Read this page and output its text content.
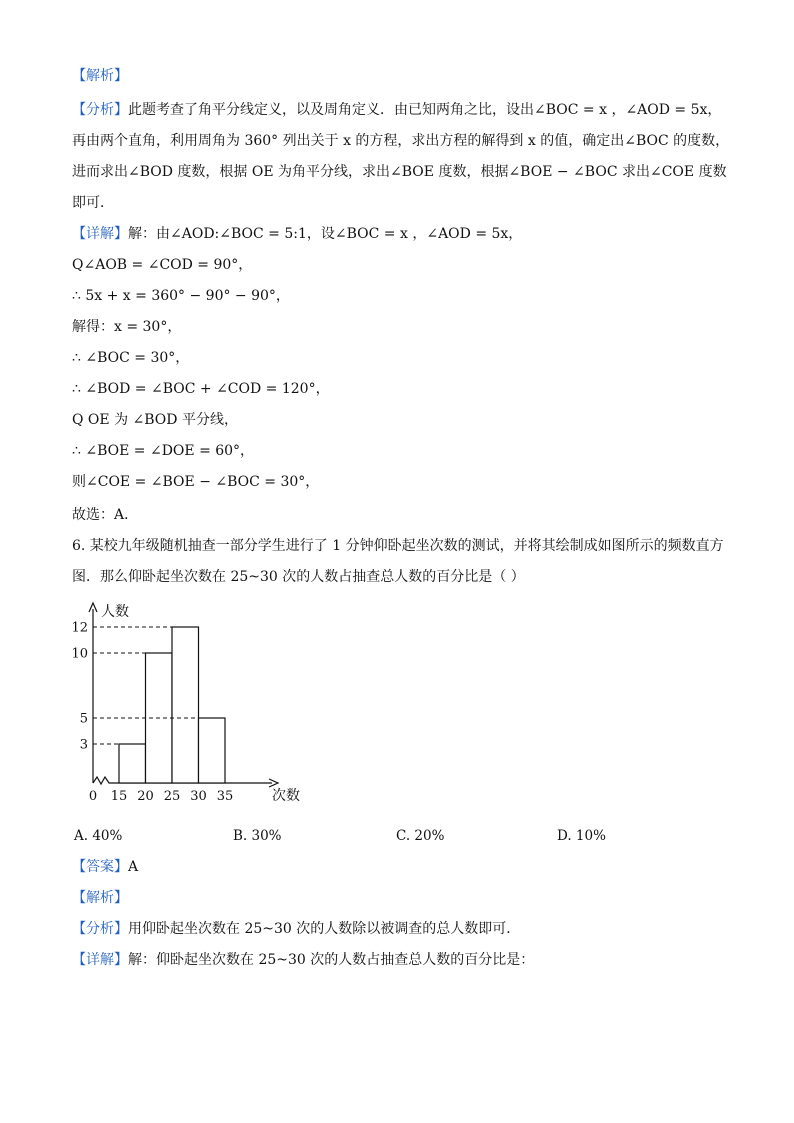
【解析】
【分析】此题考查了角平分线定义，以及周角定义．由已知两角之比，设出∠BOC = x ，∠AOD = 5x，
再由两个直角，利用周角为 360° 列出关于 x 的方程，求出方程的解得到 x 的值，确定出∠BOC 的度数，
进而求出∠BOD 度数，根据 OE 为角平分线，求出∠BOE 度数，根据∠BOE − ∠BOC 求出∠COE 度数
即可．
【详解】解：由∠AOD:∠BOC = 5:1，设∠BOC = x ，∠AOD = 5x，
Q∠AOB = ∠COD = 90°，
∴ 5x + x = 360° − 90° − 90°，
解得：x = 30°，
∴ ∠BOC = 30°，
∴ ∠BOD = ∠BOC + ∠COD = 120°，
Q OE 为 ∠BOD 平分线，
∴ ∠BOE = ∠DOE = 60°，
则∠COE = ∠BOE − ∠BOC = 30°，
故选：A．
6. 某校九年级随机抽查一部分学生进行了 1 分钟仰卧起坐次数的测试，并将其绘制成如图所示的频数直方
图．那么仰卧起坐次数在 25~30 次的人数占抽查总人数的百分比是（ ）
人数
次数
0 15 20 25 30 35
3
5
10
12
A. 40%	B. 30%	C. 20%	D. 10%
【答案】A
【解析】
【分析】用仰卧起坐次数在 25~30 次的人数除以被调查的总人数即可．
【详解】解：仰卧起坐次数在 25~30 次的人数占抽查总人数的百分比是：
